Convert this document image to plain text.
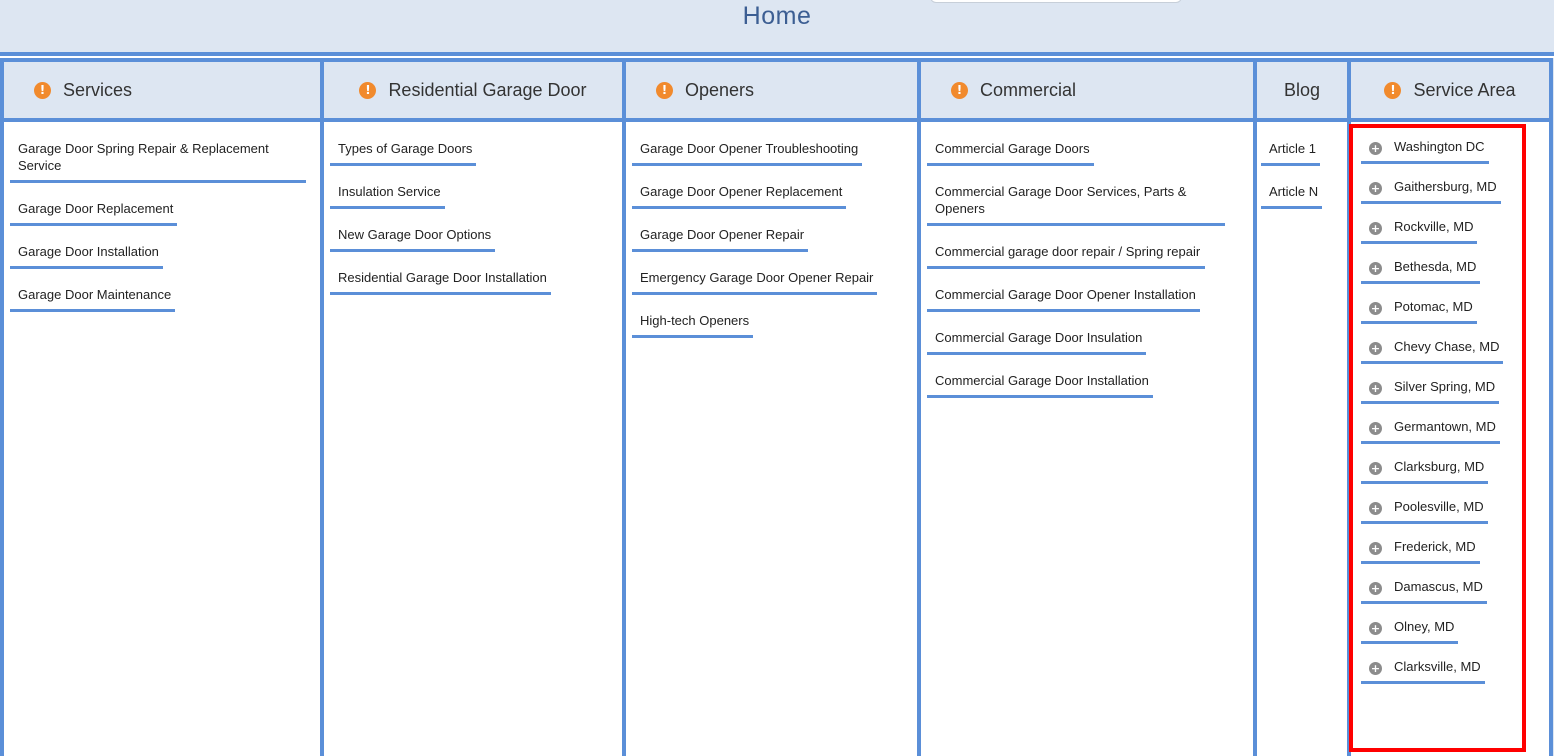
Home
! Services
Garage Door Spring Repair & Replacement Service
Garage Door Replacement
Garage Door Installation
Garage Door Maintenance
! Residential Garage Door
Types of Garage Doors
Insulation Service
New Garage Door Options
Residential Garage Door Installation
! Openers
Garage Door Opener Troubleshooting
Garage Door Opener Replacement
Garage Door Opener Repair
Emergency Garage Door Opener Repair
High-tech Openers
! Commercial
Commercial Garage Doors
Commercial Garage Door Services, Parts & Openers
Commercial garage door repair / Spring repair
Commercial Garage Door Opener Installation
Commercial Garage Door Insulation
Commercial Garage Door Installation
Blog
Article 1
Article N
! Service Area
+ Washington DC
+ Gaithersburg, MD
+ Rockville, MD
+ Bethesda, MD
+ Potomac, MD
+ Chevy Chase, MD
+ Silver Spring, MD
+ Germantown, MD
+ Clarksburg, MD
+ Poolesville, MD
+ Frederick, MD
+ Damascus, MD
+ Olney, MD
+ Clarksville, MD
